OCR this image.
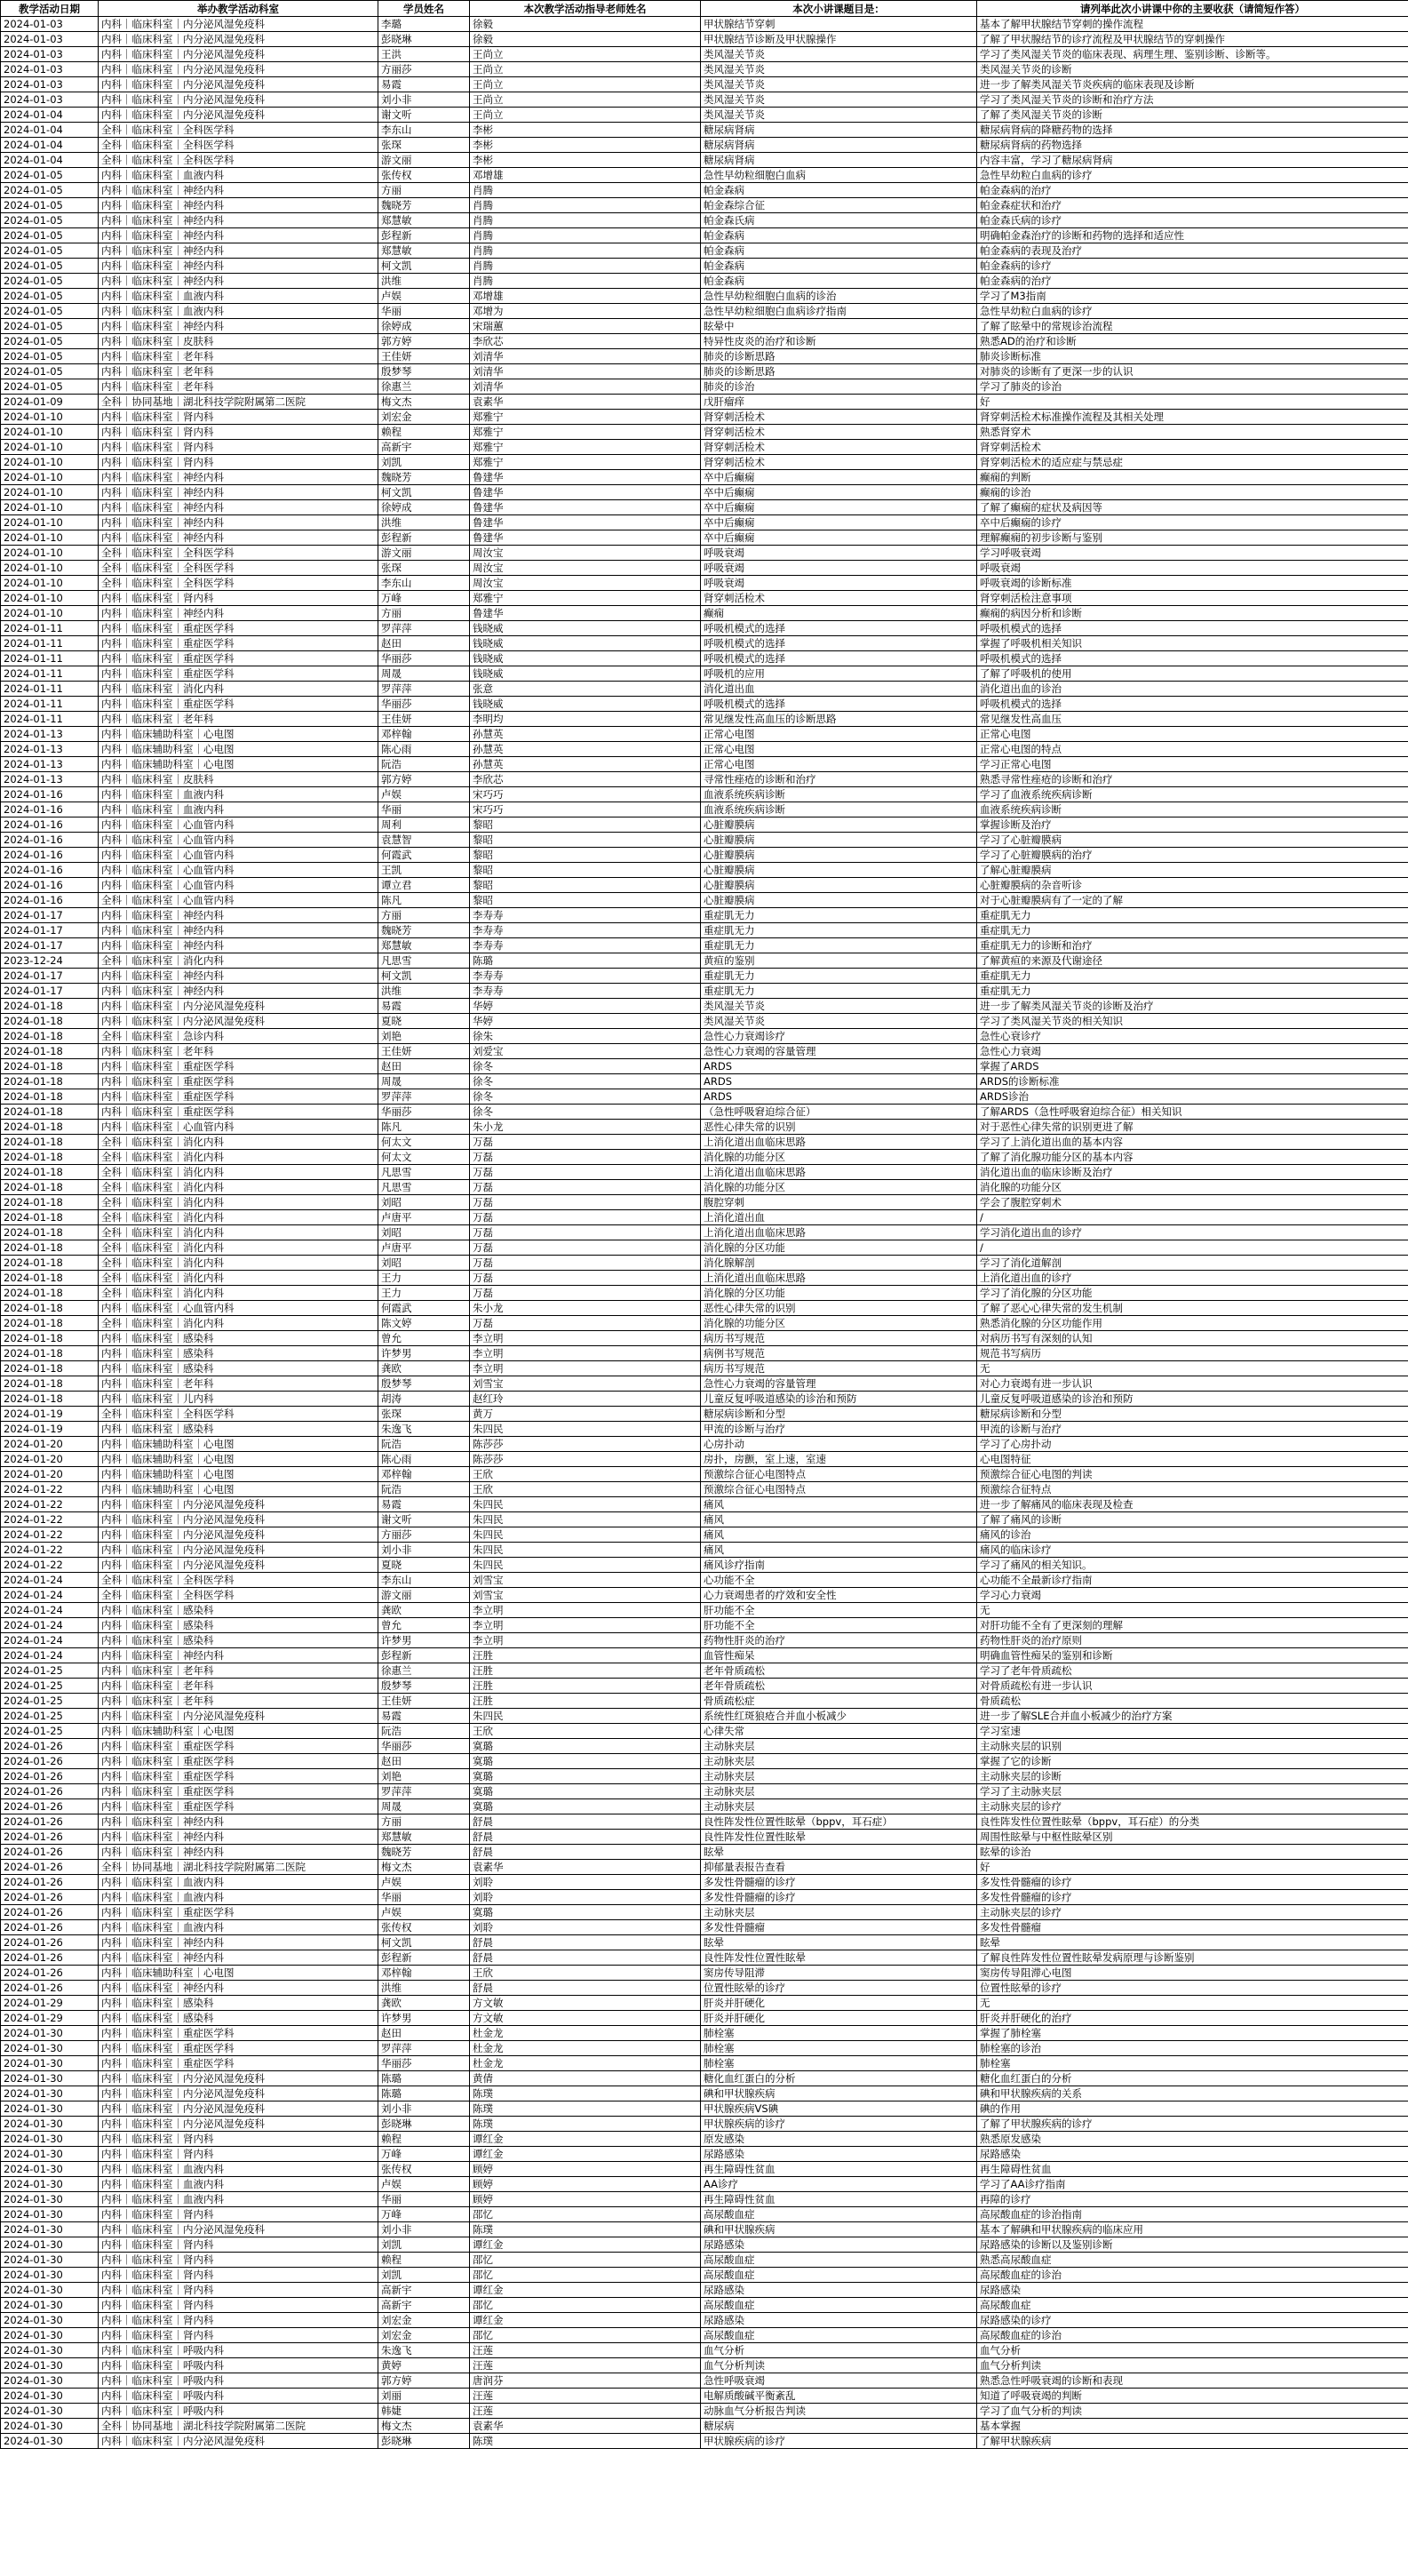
教学活动日期	举办教学活动科室	学员姓名	本次教学活动指导老师姓名	本次小讲课题目是：	请列举此次小讲课中你的主要收获（请简短作答）
2024-01-03	内科｜临床科室｜内分泌风湿免疫科	李璐	徐毅	甲状腺结节穿刺	基本了解甲状腺结节穿刺的操作流程
2024-01-03	内科｜临床科室｜内分泌风湿免疫科	彭晓琳	徐毅	甲状腺结节诊断及甲状腺操作	了解了甲状腺结节的诊疗流程及甲状腺结节的穿刺操作
2024-01-03	内科｜临床科室｜内分泌风湿免疫科	王洪	王尚立	类风湿关节炎	学习了类风湿关节炎的临床表现、病理生理、鉴别诊断、诊断等。
2024-01-03	内科｜临床科室｜内分泌风湿免疫科	方丽莎	王尚立	类风湿关节炎	类风湿关节炎的诊断
2024-01-03	内科｜临床科室｜内分泌风湿免疫科	易霞	王尚立	类风湿关节炎	进一步了解类风湿关节炎疾病的临床表现及诊断
2024-01-03	内科｜临床科室｜内分泌风湿免疫科	刘小非	王尚立	类风湿关节炎	学习了类风湿关节炎的诊断和治疗方法
2024-01-04	内科｜临床科室｜内分泌风湿免疫科	谢文听	王尚立	类风湿关节炎	了解了类风湿关节炎的诊断
2024-01-04	全科｜临床科室｜全科医学科	李东山	李彬	糖尿病肾病	糖尿病肾病的降糖药物的选择
2024-01-04	全科｜临床科室｜全科医学科	张琛	李彬	糖尿病肾病	糖尿病肾病的药物选择
2024-01-04	全科｜临床科室｜全科医学科	游文丽	李彬	糖尿病肾病	内容丰富，学习了糖尿病肾病
2024-01-05	内科｜临床科室｜血液内科	张传权	邓增雄	急性早幼粒细胞白血病	急性早幼粒白血病的诊疗
2024-01-05	内科｜临床科室｜神经内科	方丽	肖腾	帕金森病	帕金森病的治疗
2024-01-05	内科｜临床科室｜神经内科	魏晓芳	肖腾	帕金森综合征	帕金森症状和治疗
2024-01-05	内科｜临床科室｜神经内科	郑慧敏	肖腾	帕金森氏病	帕金森氏病的诊疗
2024-01-05	内科｜临床科室｜神经内科	彭程新	肖腾	帕金森病	明确帕金森治疗的诊断和药物的选择和适应性
2024-01-05	内科｜临床科室｜神经内科	郑慧敏	肖腾	帕金森病	帕金森病的表现及治疗
2024-01-05	内科｜临床科室｜神经内科	柯文凯	肖腾	帕金森病	帕金森病的诊疗
2024-01-05	内科｜临床科室｜神经内科	洪维	肖腾	帕金森病	帕金森病的治疗
2024-01-05	内科｜临床科室｜血液内科	卢娱	邓增雄	急性早幼粒细胞白血病的诊治	学习了M3指南
2024-01-05	内科｜临床科室｜血液内科	华丽	邓增为	急性早幼粒细胞白血病诊疗指南	急性早幼粒白血病的诊疗
2024-01-05	内科｜临床科室｜神经内科	徐婷成	宋瑞蕙	眩晕中	了解了眩晕中的常规诊治流程
2024-01-05	内科｜临床科室｜皮肤科	郭方婷	李欣芯	特异性皮炎的治疗和诊断	熟悉AD的治疗和诊断
2024-01-05	内科｜临床科室｜老年科	王佳妍	刘清华	肺炎的诊断思路	肺炎诊断标准
2024-01-05	内科｜临床科室｜老年科	殷梦琴	刘清华	肺炎的诊断思路	对肺炎的诊断有了更深一步的认识
2024-01-05	内科｜临床科室｜老年科	徐惠兰	刘清华	肺炎的诊治	学习了肺炎的诊治
2024-01-09	全科｜协同基地｜湖北科技学院附属第二医院	梅文杰	袁素华	戊肝瘤痒	好
2024-01-10	内科｜临床科室｜肾内科	刘宏金	郑雅宁	肾穿刺活检术	肾穿刺活检术标准操作流程及其相关处理
2024-01-10	内科｜临床科室｜肾内科	赖程	郑雅宁	肾穿刺活检术	熟悉肾穿术
2024-01-10	内科｜临床科室｜肾内科	高新宇	郑雅宁	肾穿刺活检术	肾穿刺活检术
2024-01-10	内科｜临床科室｜肾内科	刘凯	郑雅宁	肾穿刺活检术	肾穿刺活检术的适应症与禁忌症
2024-01-10	内科｜临床科室｜神经内科	魏晓芳	鲁建华	卒中后癫痫	癫痫的判断
2024-01-10	内科｜临床科室｜神经内科	柯文凯	鲁建华	卒中后癫痫	癫痫的诊治
2024-01-10	内科｜临床科室｜神经内科	徐婷成	鲁建华	卒中后癫痫	了解了癫痫的症状及病因等
2024-01-10	内科｜临床科室｜神经内科	洪维	鲁建华	卒中后癫痫	卒中后癫痫的诊疗
2024-01-10	内科｜临床科室｜神经内科	彭程新	鲁建华	卒中后癫痫	理解癫痫的初步诊断与鉴别
2024-01-10	全科｜临床科室｜全科医学科	游文丽	周汝宝	呼吸衰竭	学习呼吸衰竭
2024-01-10	全科｜临床科室｜全科医学科	张琛	周汝宝	呼吸衰竭	呼吸衰竭
2024-01-10	全科｜临床科室｜全科医学科	李东山	周汝宝	呼吸衰竭	呼吸衰竭的诊断标准
2024-01-10	内科｜临床科室｜肾内科	万峰	郑雅宁	肾穿刺活检术	肾穿刺活检注意事项
2024-01-10	内科｜临床科室｜神经内科	方丽	鲁建华	癫痫	癫痫的病因分析和诊断
2024-01-11	内科｜临床科室｜重症医学科	罗萍萍	钱晓威	呼吸机模式的选择	呼吸机模式的选择
2024-01-11	内科｜临床科室｜重症医学科	赵田	钱晓威	呼吸机模式的选择	掌握了呼吸机相关知识
2024-01-11	内科｜临床科室｜重症医学科	华丽莎	钱晓威	呼吸机模式的选择	呼吸机模式的选择
2024-01-11	内科｜临床科室｜重症医学科	周晟	钱晓威	呼吸机的应用	了解了呼吸机的使用
2024-01-11	内科｜临床科室｜消化内科	罗萍萍	张意	消化道出血	消化道出血的诊治
2024-01-11	内科｜临床科室｜重症医学科	华丽莎	钱晓威	呼吸机模式的选择	呼吸机模式的选择
2024-01-11	内科｜临床科室｜老年科	王佳妍	李明均	常见继发性高血压的诊断思路	常见继发性高血压
2024-01-13	内科｜临床辅助科室｜心电图	邓梓翰	孙慧英	正常心电图	正常心电图
2024-01-13	内科｜临床辅助科室｜心电图	陈心雨	孙慧英	正常心电图	正常心电图的特点
2024-01-13	内科｜临床辅助科室｜心电图	阮浩	孙慧英	正常心电图	学习正常心电图
2024-01-13	内科｜临床科室｜皮肤科	郭方婷	李欣芯	寻常性痤疮的诊断和治疗	熟悉寻常性痤疮的诊断和治疗
2024-01-16	内科｜临床科室｜血液内科	卢娱	宋巧巧	血液系统疾病诊断	学习了血液系统疾病诊断
2024-01-16	内科｜临床科室｜血液内科	华丽	宋巧巧	血液系统疾病诊断	血液系统疾病诊断
2024-01-16	内科｜临床科室｜心血管内科	周利	黎昭	心脏瓣膜病	掌握诊断及治疗
2024-01-16	内科｜临床科室｜心血管内科	袁慧智	黎昭	心脏瓣膜病	学习了心脏瓣膜病
2024-01-16	内科｜临床科室｜心血管内科	何霞武	黎昭	心脏瓣膜病	学习了心脏瓣膜病的治疗
2024-01-16	内科｜临床科室｜心血管内科	王凯	黎昭	心脏瓣膜病	了解心脏瓣膜病
2024-01-16	内科｜临床科室｜心血管内科	谭立君	黎昭	心脏瓣膜病	心脏瓣膜病的杂音听诊
2024-01-16	全科｜临床科室｜心血管内科	陈凡	黎昭	心脏瓣膜病	对于心脏瓣膜病有了一定的了解
2024-01-17	内科｜临床科室｜神经内科	方丽	李寿寿	重症肌无力	重症肌无力
2024-01-17	内科｜临床科室｜神经内科	魏晓芳	李寿寿	重症肌无力	重症肌无力
2024-01-17	内科｜临床科室｜神经内科	郑慧敏	李寿寿	重症肌无力	重症肌无力的诊断和治疗
2023-12-24	全科｜临床科室｜消化内科	凡思雪	陈璐	黄疸的鉴别	了解黄疸的来源及代谢途径
2024-01-17	内科｜临床科室｜神经内科	柯文凯	李寿寿	重症肌无力	重症肌无力
2024-01-17	内科｜临床科室｜神经内科	洪维	李寿寿	重症肌无力	重症肌无力
2024-01-18	内科｜临床科室｜内分泌风湿免疫科	易霞	华婷	类风湿关节炎	进一步了解类风湿关节炎的诊断及治疗
2024-01-18	内科｜临床科室｜内分泌风湿免疫科	夏晓	华婷	类风湿关节炎	学习了类风湿关节炎的相关知识
2024-01-18	全科｜临床科室｜急诊内科	刘艳	徐朱	急性心力衰竭诊疗	急性心衰诊疗
2024-01-18	内科｜临床科室｜老年科	王佳妍	刘爱宝	急性心力衰竭的容量管理	急性心力衰竭
2024-01-18	内科｜临床科室｜重症医学科	赵田	徐冬	ARDS	掌握了ARDS
2024-01-18	内科｜临床科室｜重症医学科	周晟	徐冬	ARDS	ARDS的诊断标准
2024-01-18	内科｜临床科室｜重症医学科	罗萍萍	徐冬	ARDS	ARDS诊治
2024-01-18	内科｜临床科室｜重症医学科	华丽莎	徐冬	（急性呼吸窘迫综合征）	了解ARDS（急性呼吸窘迫综合征）相关知识
2024-01-18	内科｜临床科室｜心血管内科	陈凡	朱小龙	恶性心律失常的识别	对于恶性心律失常的识别更进了解
2024-01-18	全科｜临床科室｜消化内科	何太文	万磊	上消化道出血临床思路	学习了上消化道出血的基本内容
2024-01-18	全科｜临床科室｜消化内科	何太文	万磊	消化腺的功能分区	了解了消化腺功能分区的基本内容
2024-01-18	全科｜临床科室｜消化内科	凡思雪	万磊	上消化道出血临床思路	消化道出血的临床诊断及治疗
2024-01-18	全科｜临床科室｜消化内科	凡思雪	万磊	消化腺的功能分区	消化腺的功能分区
2024-01-18	全科｜临床科室｜消化内科	刘昭	万磊	腹腔穿刺	学会了腹腔穿刺术
2024-01-18	全科｜临床科室｜消化内科	卢唐平	万磊	上消化道出血	/
2024-01-18	全科｜临床科室｜消化内科	刘昭	万磊	上消化道出血临床思路	学习消化道出血的诊疗
2024-01-18	全科｜临床科室｜消化内科	卢唐平	万磊	消化腺的分区功能	/
2024-01-18	全科｜临床科室｜消化内科	刘昭	万磊	消化腺解剖	学习了消化道解剖
2024-01-18	全科｜临床科室｜消化内科	王力	万磊	上消化道出血临床思路	上消化道出血的诊疗
2024-01-18	全科｜临床科室｜消化内科	王力	万磊	消化腺的分区功能	学习了消化腺的分区功能
2024-01-18	内科｜临床科室｜心血管内科	何霞武	朱小龙	恶性心律失常的识别	了解了恶心心律失常的发生机制
2024-01-18	全科｜临床科室｜消化内科	陈文婷	万磊	消化腺的功能分区	熟悉消化腺的分区功能作用
2024-01-18	内科｜临床科室｜感染科	曾允	李立明	病历书写规范	对病历书写有深刻的认知
2024-01-18	内科｜临床科室｜感染科	许梦男	李立明	病例书写规范	规范书写病历
2024-01-18	内科｜临床科室｜感染科	龚欧	李立明	病历书写规范	无
2024-01-18	内科｜临床科室｜老年科	殷梦琴	刘雪宝	急性心力衰竭的容量管理	对心力衰竭有进一步认识
2024-01-18	内科｜临床科室｜儿内科	胡涛	赵红玲	儿童反复呼吸道感染的诊治和预防	儿童反复呼吸道感染的诊治和预防
2024-01-19	全科｜临床科室｜全科医学科	张琛	黄万	糖尿病诊断和分型	糖尿病诊断和分型
2024-01-19	内科｜临床科室｜感染科	朱逸飞	朱四民	甲流的诊断与治疗	甲流的诊断与治疗
2024-01-20	内科｜临床辅助科室｜心电图	阮浩	陈莎莎	心房扑动	学习了心房扑动
2024-01-20	内科｜临床辅助科室｜心电图	陈心雨	陈莎莎	房扑，房颤，室上速，室速	心电图特征
2024-01-20	内科｜临床辅助科室｜心电图	邓梓翰	王欣	预激综合征心电图特点	预激综合征心电图的判读
2024-01-22	内科｜临床辅助科室｜心电图	阮浩	王欣	预激综合征心电图特点	预激综合征特点
2024-01-22	内科｜临床科室｜内分泌风湿免疫科	易霞	朱四民	痛风	进一步了解痛风的临床表现及检查
2024-01-22	内科｜临床科室｜内分泌风湿免疫科	谢文听	朱四民	痛风	了解了痛风的诊断
2024-01-22	内科｜临床科室｜内分泌风湿免疫科	方丽莎	朱四民	痛风	痛风的诊治
2024-01-22	内科｜临床科室｜内分泌风湿免疫科	刘小非	朱四民	痛风	痛风的临床诊疗
2024-01-22	内科｜临床科室｜内分泌风湿免疫科	夏晓	朱四民	痛风诊疗指南	学习了痛风的相关知识。
2024-01-24	全科｜临床科室｜全科医学科	李东山	刘雪宝	心功能不全	心功能不全最新诊疗指南
2024-01-24	全科｜临床科室｜全科医学科	游文丽	刘雪宝	心力衰竭患者的疗效和安全性	学习心力衰竭
2024-01-24	内科｜临床科室｜感染科	龚欧	李立明	肝功能不全	无
2024-01-24	内科｜临床科室｜感染科	曾允	李立明	肝功能不全	对肝功能不全有了更深刻的理解
2024-01-24	内科｜临床科室｜感染科	许梦男	李立明	药物性肝炎的治疗	药物性肝炎的治疗原则
2024-01-24	内科｜临床科室｜神经内科	彭程新	汪胜	血管性痴呆	明确血管性痴呆的鉴别和诊断
2024-01-25	内科｜临床科室｜老年科	徐惠兰	汪胜	老年骨质疏松	学习了老年骨质疏松
2024-01-25	内科｜临床科室｜老年科	殷梦琴	汪胜	老年骨质疏松	对骨质疏松有进一步认识
2024-01-25	内科｜临床科室｜老年科	王佳妍	汪胜	骨质疏松症	骨质疏松
2024-01-25	内科｜临床科室｜内分泌风湿免疫科	易霞	朱四民	系统性红斑狼疮合并血小板减少	进一步了解SLE合并血小板减少的治疗方案
2024-01-25	内科｜临床辅助科室｜心电图	阮浩	王欣	心律失常	学习室速
2024-01-26	内科｜临床科室｜重症医学科	华丽莎	寞璐	主动脉夹层	主动脉夹层的识别
2024-01-26	内科｜临床科室｜重症医学科	赵田	寞璐	主动脉夹层	掌握了它的诊断
2024-01-26	内科｜临床科室｜重症医学科	刘艳	寞璐	主动脉夹层	主动脉夹层的诊断
2024-01-26	内科｜临床科室｜重症医学科	罗萍萍	寞璐	主动脉夹层	学习了主动脉夹层
2024-01-26	内科｜临床科室｜重症医学科	周晟	寞璐	主动脉夹层	主动脉夹层的诊疗
2024-01-26	内科｜临床科室｜神经内科	方丽	舒晨	良性阵发性位置性眩晕（bppv，耳石症）	良性阵发性位置性眩晕（bppv，耳石症）的分类
2024-01-26	内科｜临床科室｜神经内科	郑慧敏	舒晨	良性阵发性位置性眩晕	周围性眩晕与中枢性眩晕区别
2024-01-26	内科｜临床科室｜神经内科	魏晓芳	舒晨	眩晕	眩晕的诊治
2024-01-26	全科｜协同基地｜湖北科技学院附属第二医院	梅文杰	袁素华	抑郁量表报告查看	好
2024-01-26	内科｜临床科室｜血液内科	卢娱	刘聆	多发性骨髓瘤的诊疗	多发性骨髓瘤的诊疗
2024-01-26	内科｜临床科室｜血液内科	华丽	刘聆	多发性骨髓瘤的诊疗	多发性骨髓瘤的诊疗
2024-01-26	内科｜临床科室｜重症医学科	卢娱	寞璐	主动脉夹层	主动脉夹层的诊疗
2024-01-26	内科｜临床科室｜血液内科	张传权	刘聆	多发性骨髓瘤	多发性骨髓瘤
2024-01-26	内科｜临床科室｜神经内科	柯文凯	舒晨	眩晕	眩晕
2024-01-26	内科｜临床科室｜神经内科	彭程新	舒晨	良性阵发性位置性眩晕	了解良性阵发性位置性眩晕发病原理与诊断鉴别
2024-01-26	内科｜临床辅助科室｜心电图	邓梓翰	王欣	窦房传导阻滞	窦房传导阻滞心电图
2024-01-26	内科｜临床科室｜神经内科	洪维	舒晨	位置性眩晕的诊疗	位置性眩晕的诊疗
2024-01-29	内科｜临床科室｜感染科	龚欧	方文敏	肝炎并肝硬化	无
2024-01-29	内科｜临床科室｜感染科	许梦男	方文敏	肝炎并肝硬化	肝炎并肝硬化的治疗
2024-01-30	内科｜临床科室｜重症医学科	赵田	杜金龙	肺栓塞	掌握了肺栓塞
2024-01-30	内科｜临床科室｜重症医学科	罗萍萍	杜金龙	肺栓塞	肺栓塞的诊治
2024-01-30	内科｜临床科室｜重症医学科	华丽莎	杜金龙	肺栓塞	肺栓塞
2024-01-30	内科｜临床科室｜内分泌风湿免疫科	陈璐	黄倩	糖化血红蛋白的分析	糖化血红蛋白的分析
2024-01-30	内科｜临床科室｜内分泌风湿免疫科	陈璐	陈璞	碘和甲状腺疾病	碘和甲状腺疾病的关系
2024-01-30	内科｜临床科室｜内分泌风湿免疫科	刘小非	陈璞	甲状腺疾病VS碘	碘的作用
2024-01-30	内科｜临床科室｜内分泌风湿免疫科	彭晓琳	陈璞	甲状腺疾病的诊疗	了解了甲状腺疾病的诊疗
2024-01-30	内科｜临床科室｜肾内科	赖程	谭红金	原发感染	熟悉原发感染
2024-01-30	内科｜临床科室｜肾内科	万峰	谭红金	尿路感染	尿路感染
2024-01-30	内科｜临床科室｜血液内科	张传权	顾婷	再生障碍性贫血	再生障碍性贫血
2024-01-30	内科｜临床科室｜血液内科	卢娱	顾婷	AA诊疗	学习了AA诊疗指南
2024-01-30	内科｜临床科室｜血液内科	华丽	顾婷	再生障碍性贫血	再障的诊疗
2024-01-30	内科｜临床科室｜肾内科	万峰	邵忆	高尿酸血症	高尿酸血症的诊治指南
2024-01-30	内科｜临床科室｜内分泌风湿免疫科	刘小非	陈璞	碘和甲状腺疾病	基本了解碘和甲状腺疾病的临床应用
2024-01-30	内科｜临床科室｜肾内科	刘凯	谭红金	尿路感染	尿路感染的诊断以及鉴别诊断
2024-01-30	内科｜临床科室｜肾内科	赖程	邵忆	高尿酸血症	熟悉高尿酸血症
2024-01-30	内科｜临床科室｜肾内科	刘凯	邵忆	高尿酸血症	高尿酸血症的诊治
2024-01-30	内科｜临床科室｜肾内科	高新宇	谭红金	尿路感染	尿路感染
2024-01-30	内科｜临床科室｜肾内科	高新宇	邵忆	高尿酸血症	高尿酸血症
2024-01-30	内科｜临床科室｜肾内科	刘宏金	谭红金	尿路感染	尿路感染的诊疗
2024-01-30	内科｜临床科室｜肾内科	刘宏金	邵忆	高尿酸血症	高尿酸血症的诊治
2024-01-30	内科｜临床科室｜呼吸内科	朱逸飞	汪莲	血气分析	血气分析
2024-01-30	内科｜临床科室｜呼吸内科	黄婷	汪莲	血气分析判读	血气分析判读
2024-01-30	内科｜临床科室｜呼吸内科	郭方婷	唐润芬	急性呼吸衰竭	熟悉急性呼吸衰竭的诊断和表现
2024-01-30	内科｜临床科室｜呼吸内科	刘丽	汪莲	电解质酸碱平衡紊乱	知道了呼吸衰竭的判断
2024-01-30	内科｜临床科室｜呼吸内科	韩婕	汪莲	动脉血气分析报告判读	学习了血气分析的判读
2024-01-30	全科｜协同基地｜湖北科技学院附属第二医院	梅文杰	袁素华	糖尿病	基本掌握
2024-01-30	内科｜临床科室｜内分泌风湿免疫科	彭晓琳	陈璞	甲状腺疾病的诊疗	了解甲状腺疾病
